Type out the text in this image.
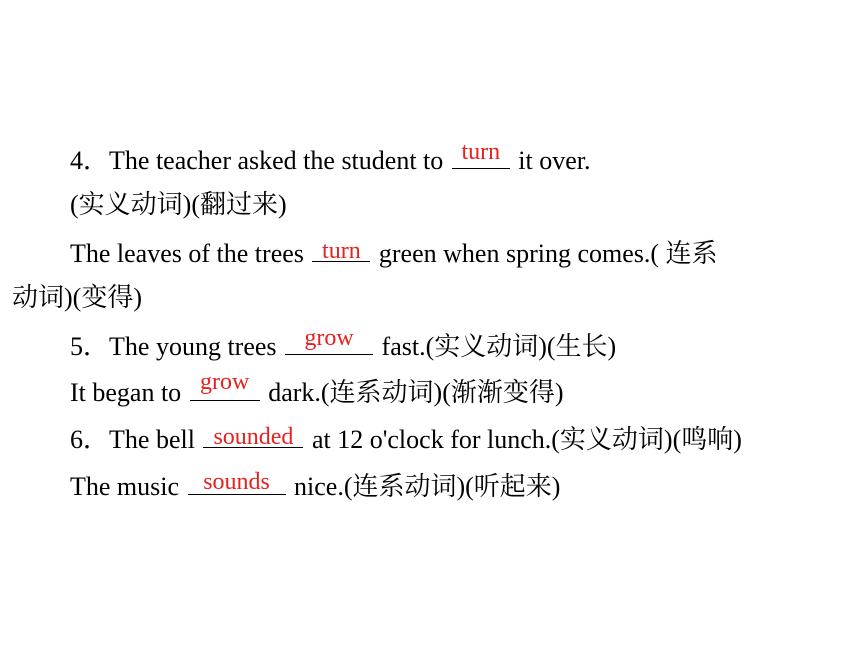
4．The teacher asked the student to turn it over.
(实义动词)(翻过来)
The leaves of the trees turn green when spring comes.( 连系
动词)(变得)
5．The young trees	grow	fast.(实义动词)(生长)
It began to grow dark.(连系动词)(渐渐变得)
6．The bell sounded at 12 o'clock for lunch.(实义动词)(鸣响)
The music	sounds nice.(连系动词)(听起来)
